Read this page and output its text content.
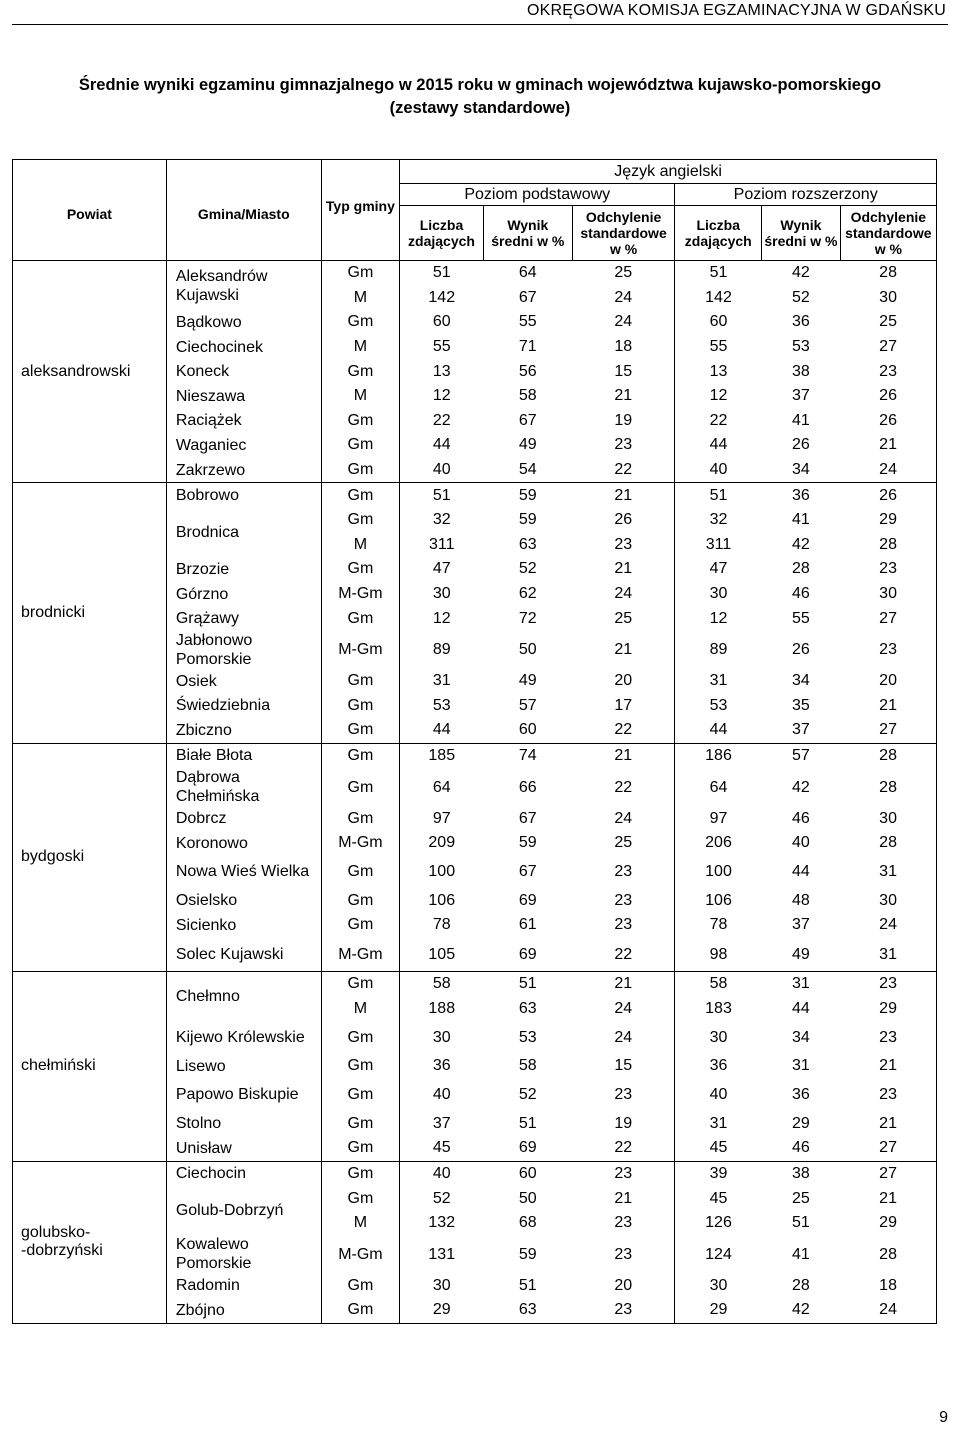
OKRĘGOWA KOMISJA EGZAMINACYJNA W GDAŃSKU
Średnie wyniki egzaminu gimnazjalnego w 2015 roku w gminach województwa kujawsko-pomorskiego
(zestawy standardowe)
Powiat	Gmina/Miasto	Typ gminy	Język angielski					
			Poziom podstawowy			Poziom rozszerzony		
			Liczba zdających	Wynik średni w %	Odchylenie standardowe w %	Liczba zdających	Wynik średni w %	Odchylenie standardowe w %

aleksandrowski	Aleksandrów Kujawski	Gm	51	64	25	51	42	28
		M	142	67	24	142	52	30
	Bądkowo	Gm	60	55	24	60	36	25
	Ciechocinek	M	55	71	18	55	53	27
	Koneck	Gm	13	56	15	13	38	23
	Nieszawa	M	12	58	21	12	37	26
	Raciążek	Gm	22	67	19	22	41	26
	Waganiec	Gm	44	49	23	44	26	21
	Zakrzewo	Gm	40	54	22	40	34	24

brodnicki	Bobrowo	Gm	51	59	21	51	36	26
	Brodnica	Gm	32	59	26	32	41	29
		M	311	63	23	311	42	28
	Brzozie	Gm	47	52	21	47	28	23
	Górzno	M-Gm	30	62	24	30	46	30
	Grążawy	Gm	12	72	25	12	55	27
	Jabłonowo Pomorskie	M-Gm	89	50	21	89	26	23
	Osiek	Gm	31	49	20	31	34	20
	Świedziebnia	Gm	53	57	17	53	35	21
	Zbiczno	Gm	44	60	22	44	37	27

bydgoski	Białe Błota	Gm	185	74	21	186	57	28
	Dąbrowa Chełmińska	Gm	64	66	22	64	42	28
	Dobrcz	Gm	97	67	24	97	46	30
	Koronowo	M-Gm	209	59	25	206	40	28
	Nowa Wieś Wielka	Gm	100	67	23	100	44	31
	Osielsko	Gm	106	69	23	106	48	30
	Sicienko	Gm	78	61	23	78	37	24
	Solec Kujawski	M-Gm	105	69	22	98	49	31

chełmiński	Chełmno	Gm	58	51	21	58	31	23
		M	188	63	24	183	44	29
	Kijewo Królewskie	Gm	30	53	24	30	34	23
	Lisewo	Gm	36	58	15	36	31	21
	Papowo Biskupie	Gm	40	52	23	40	36	23
	Stolno	Gm	37	51	19	31	29	21
	Unisław	Gm	45	69	22	45	46	27

golubsko-
-dobrzyński	Ciechocin	Gm	40	60	23	39	38	27
	Golub-Dobrzyń	Gm	52	50	21	45	25	21
		M	132	68	23	126	51	29
	Kowalewo Pomorskie	M-Gm	131	59	23	124	41	28
	Radomin	Gm	30	51	20	30	28	18
	Zbójno	Gm	29	63	23	29	42	24
9
